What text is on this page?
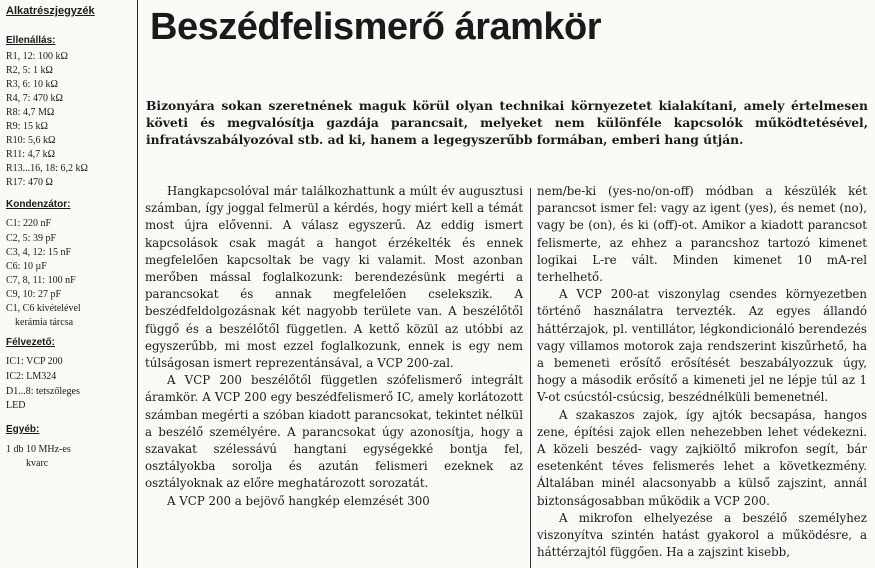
Alkatrészjegyzék
Ellenállás:
R1, 12: 100 kΩ
R2, 5: 1 kΩ
R3, 6: 10 kΩ
R4, 7: 470 kΩ
R8: 4,7 MΩ
R9: 15 kΩ
R10: 5,6 kΩ
R11: 4,7 kΩ
R13...16, 18: 6,2 kΩ
R17: 470 Ω
Kondenzátor:
C1: 220 nF
C2, 5: 39 pF
C3, 4, 12: 15 nF
C6: 10 µF
C7, 8, 11: 100 nF
C9, 10: 27 pF
C1, C6 kivételével
kerámia tárcsa
Félvezető:
IC1: VCP 200
IC2: LM324
D1...8: tetszőleges
LED
Egyéb:
1 db 10 MHz-es
kvarc
Beszédfelismerő áramkör

Bizonyára sokan szeretnének maguk körül olyan technikai környezetet kialakítani, amely értelmesen követi és megvalósítja gazdája parancsait, melyeket nem különféle kapcsolók működtetésével, infratávszabályozóval stb. ad ki, hanem a legegyszerűbb formában, emberi hang útján.

Hangkapcsolóval már találkozhattunk a múlt év augusztusi számban, így joggal felmerül a kérdés, hogy miért kell a témát most újra elővenni. A válasz egyszerű. Az eddig ismert kapcsolások csak magát a hangot érzékelték és ennek megfelelően kapcsoltak be vagy ki valamit. Most azonban merőben mással foglalkozunk: berendezésünk megérti a parancsokat és annak megfelelően cselekszik. A beszédfeldolgozásnak két nagyobb területe van. A beszélőtől függő és a beszélőtől független. A kettő közül az utóbbi az egyszerűbb, mi most ezzel foglalkozunk, ennek is egy nem túlságosan ismert reprezentánsával, a VCP 200-zal.

A VCP 200 beszélőtől független szófelismerő integrált áramkör. A VCP 200 egy beszédfelismerő IC, amely korlátozott számban megérti a szóban kiadott parancsokat, tekintet nélkül a beszélő személyére. A parancsokat úgy azonosítja, hogy a szavakat szélessávú hangtani egységekké bontja fel, osztályokba sorolja és azután felismeri ezeknek az osztályoknak az előre meghatározott sorozatát.

A VCP 200 a bejövő hangkép elemzését 300

nem/be-ki (yes-no/on-off) módban a készülék két parancsot ismer fel: vagy az igent (yes), és nemet (no), vagy be (on), és ki (off)-ot. Amikor a kiadott parancsot felismerte, az ehhez a parancshoz tartozó kimenet logikai L-re vált. Minden kimenet 10 mA-rel terhelhető.

A VCP 200-at viszonylag csendes környezetben történő használatra tervezték. Az egyes állandó háttérzajok, pl. ventillátor, légkondicionáló berendezés vagy villamos motorok zaja rendszerint kiszűrhető, ha a bemeneti erősítő erősítését beszabályozzuk úgy, hogy a második erősítő a kimeneti jel ne lépje túl az 1 V-ot csúcstól-csúcsig, beszédnélküli bemenetnél.

A szakaszos zajok, így ajtók becsapása, hangos zene, építési zajok ellen nehezebben lehet védekezni. A közeli beszéd- vagy zajkiöltő mikrofon segít, bár esetenként téves felismerés lehet a következmény. Általában minél alacsonyabb a külső zajszint, annál biztonságosabban működik a VCP 200.

A mikrofon elhelyezése a beszélő személyhez viszonyítva szintén hatást gyakorol a működésre, a háttérzajtól függően. Ha a zajszint kisebb,
